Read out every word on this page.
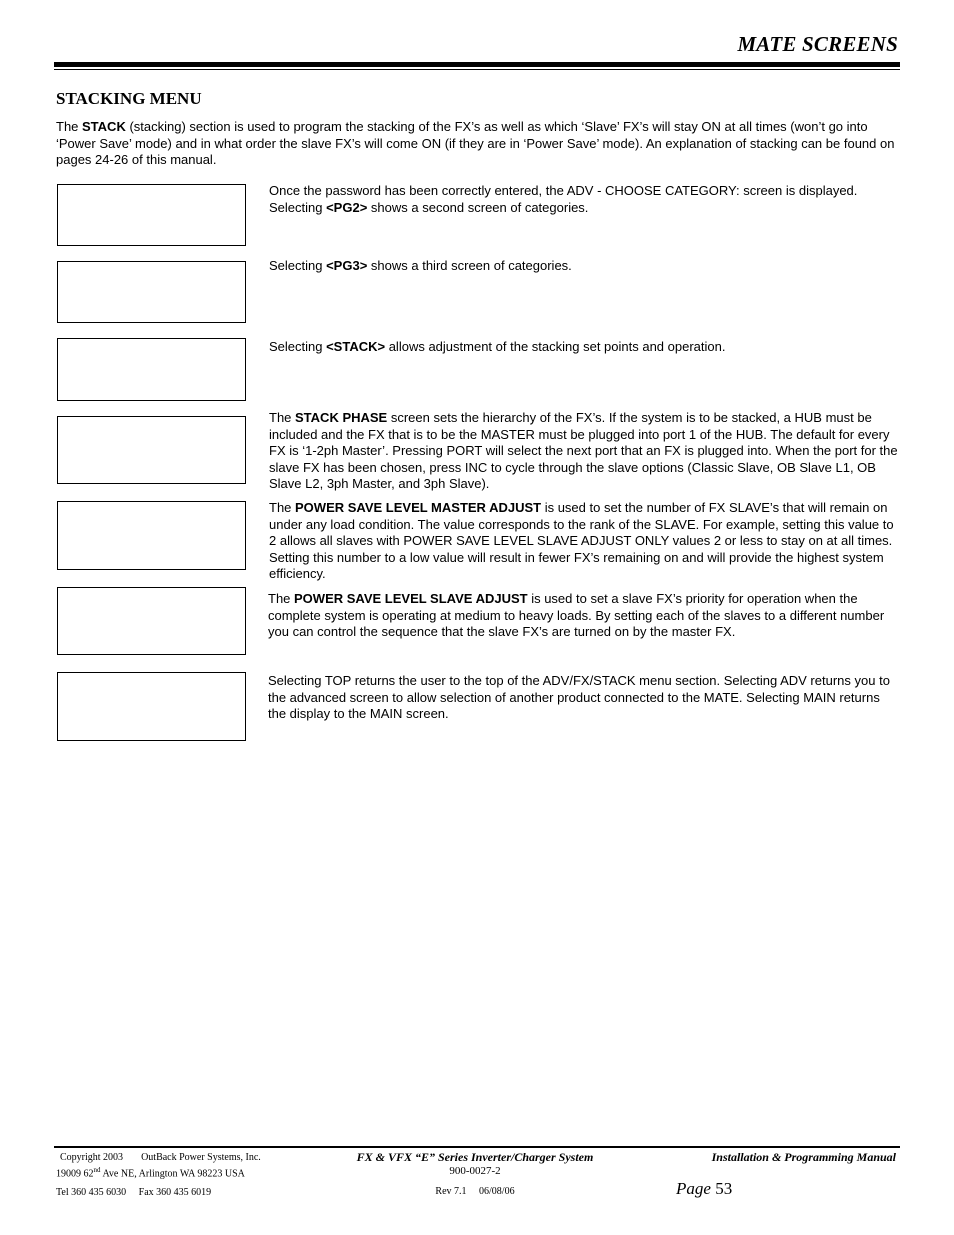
MATE SCREENS
STACKING MENU
The STACK (stacking) section is used to program the stacking of the FX’s as well as which ‘Slave’ FX’s will stay ON at all times (won’t go into ‘Power Save’ mode) and in what order the slave FX’s will come ON (if they are in ‘Power Save’ mode). An explanation of stacking can be found on pages 24-26 of this manual.
Once the password has been correctly entered, the ADV - CHOOSE CATEGORY: screen is displayed. Selecting <PG2> shows a second screen of categories.
Selecting <PG3> shows a third screen of categories.
Selecting <STACK> allows adjustment of the stacking set points and operation.
The STACK PHASE screen sets the hierarchy of the FX’s. If the system is to be stacked, a HUB must be included and the FX that is to be the MASTER must be plugged into port 1 of the HUB. The default for every FX is ‘1-2ph Master’. Pressing PORT will select the next port that an FX is plugged into. When the port for the slave FX has been chosen, press INC to cycle through the slave options (Classic Slave, OB Slave L1, OB Slave L2, 3ph Master, and 3ph Slave).
The POWER SAVE LEVEL MASTER ADJUST is used to set the number of FX SLAVE’s that will remain on under any load condition. The value corresponds to the rank of the SLAVE. For example, setting this value to 2 allows all slaves with POWER SAVE LEVEL SLAVE ADJUST ONLY values 2 or less to stay on at all times. Setting this number to a low value will result in fewer FX’s remaining on and will provide the highest system efficiency.
The POWER SAVE LEVEL SLAVE ADJUST is used to set a slave FX’s priority for operation when the complete system is operating at medium to heavy loads. By setting each of the slaves to a different number you can control the sequence that the slave FX’s are turned on by the master FX.
Selecting TOP returns the user to the top of the ADV/FX/STACK menu section. Selecting ADV returns you to the advanced screen to allow selection of another product connected to the MATE. Selecting MAIN returns the display to the MAIN screen.
Copyright 2003 OutBack Power Systems, Inc.
19009 62nd Ave NE, Arlington WA 98223 USA
Tel 360 435 6030     Fax 360 435 6019
FX & VFX “E” Series Inverter/Charger System
900-0027-2
Rev 7.1     06/08/06
Installation & Programming Manual
Page 53
